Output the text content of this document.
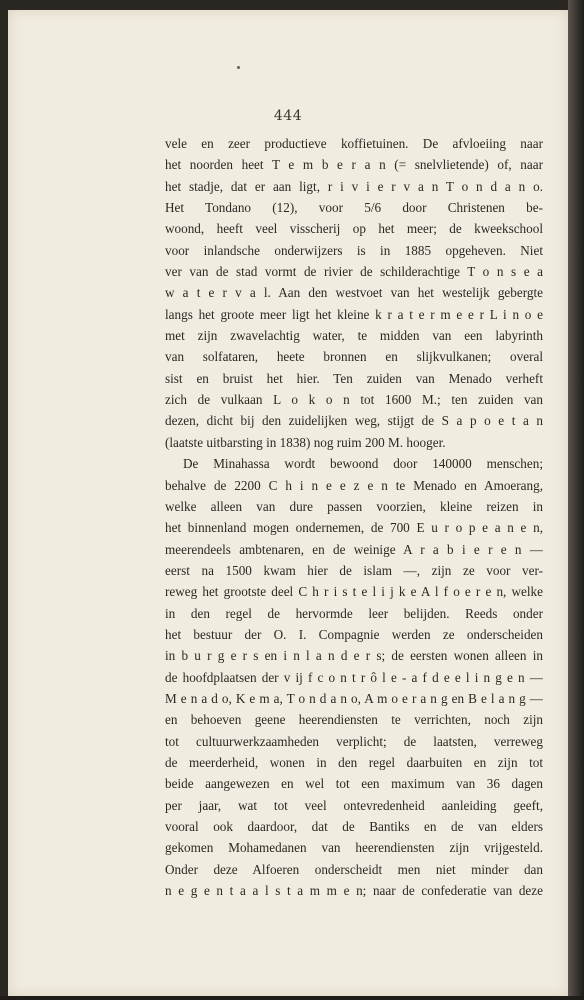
444
vele en zeer productieve koffietuinen. De afvloeiing naar
het noorden heet T e m b e r a n (= snelvlietende) of, naar
het stadje, dat er aan ligt, r i v i e r v a n T o n d a n o.
Het Tondano (12), voor 5/6 door Christenen be-
woond, heeft veel visscherij op het meer; de kweekschool
voor inlandsche onderwijzers is in 1885 opgeheven. Niet
ver van de stad vormt de rivier de schilderachtige T o n s e a
w a t e r v a l. Aan den westvoet van het westelijk gebergte
langs het groote meer ligt het kleine k r a t e r m e e r L i n o e
met zijn zwavelachtig water, te midden van een labyrinth
van solfataren, heete bronnen en slijkvulkanen; overal
sist en bruist het hier. Ten zuiden van Menado verheft
zich de vulkaan L o k o n tot 1600 M.; ten zuiden van
dezen, dicht bij den zuidelijken weg, stijgt de S a p o e t a n
(laatste uitbarsting in 1838) nog ruim 200 M. hooger.
De Minahassa wordt bewoond door 140000 menschen;
behalve de 2200 C h i n e e z e n te Menado en Amoerang,
welke alleen van dure passen voorzien, kleine reizen in
het binnenland mogen ondernemen, de 700 E u r o p e a n e n,
meerendeels ambtenaren, en de weinige A r a b i e r e n —
eerst na 1500 kwam hier de islam —, zijn ze voor ver-
reweg het grootste deel C h r i s t e l i j k e A l f o e r e n, welke
in den regel de hervormde leer belijden. Reeds onder
het bestuur der O. I. Compagnie werden ze onderscheiden
in b u r g e r s en i n l a n d e r s; de eersten wonen alleen in
de hoofdplaatsen der v ij f c o n t r ô l e - a f d e e l i n g e n —
M e n a d o, K e m a, T o n d a n o, A m o e r a n g en B e l a n g —
en behoeven geene heerendiensten te verrichten, noch zijn
tot cultuurwerkzaamheden verplicht; de laatsten, verreweg
de meerderheid, wonen in den regel daarbuiten en zijn tot
beide aangewezen en wel tot een maximum van 36 dagen
per jaar, wat tot veel ontevredenheid aanleiding geeft,
vooral ook daardoor, dat de Bantiks en de van elders
gekomen Mohamedanen van heerendiensten zijn vrijgesteld.
Onder deze Alfoeren onderscheidt men niet minder dan
n e g e n t a a l s t a m m e n; naar de confederatie van deze
